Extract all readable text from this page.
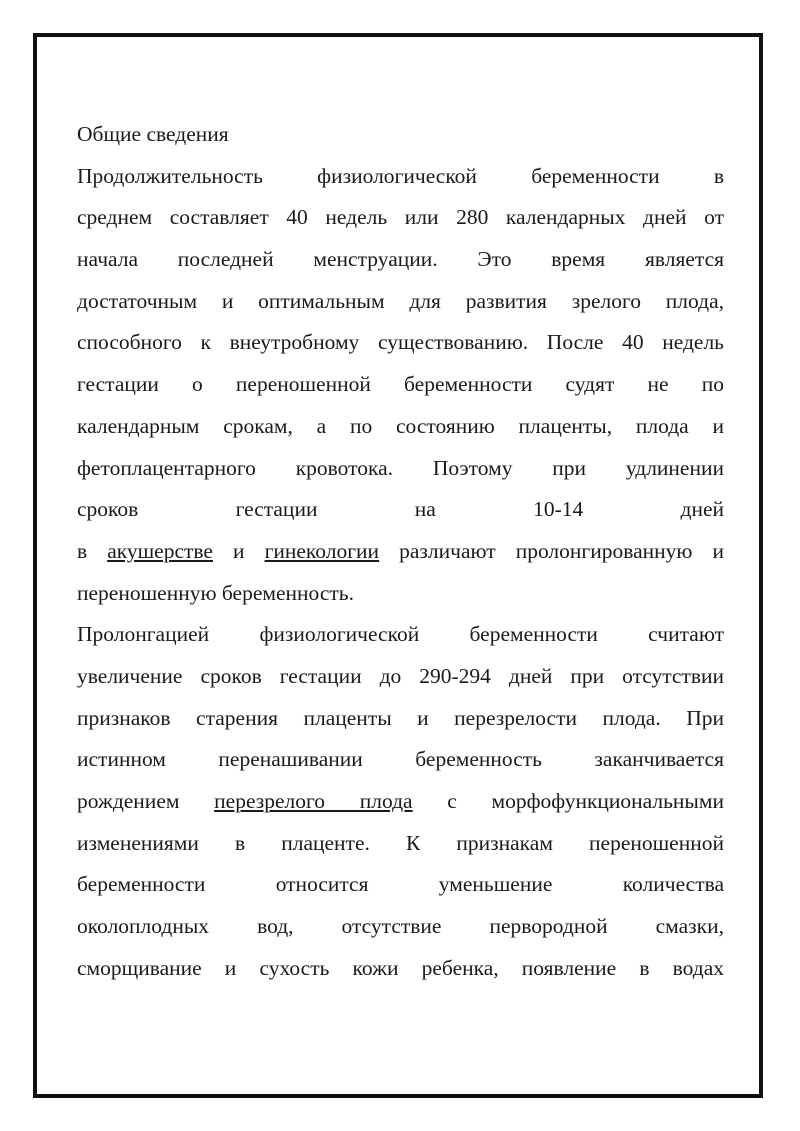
Общие сведения
Продолжительность физиологической беременности в
среднем составляет 40 недель или 280 календарных дней от
начала последней менструации. Это время является
достаточным и оптимальным для развития зрелого плода,
способного к внеутробному существованию. После 40 недель
гестации о переношенной беременности судят не по
календарным срокам, а по состоянию плаценты, плода и
фетоплацентарного кровотока. Поэтому при удлинении
сроков гестации на 10-14 дней
в акушерстве и гинекологии различают пролонгированную и
переношенную беременность.
Пролонгацией физиологической беременности считают
увеличение сроков гестации до 290-294 дней при отсутствии
признаков старения плаценты и перезрелости плода. При
истинном перенашивании беременность заканчивается
рождением перезрелого плода с морфофункциональными
изменениями в плаценте. К признакам переношенной
беременности относится уменьшение количества
околоплодных вод, отсутствие первородной смазки,
сморщивание и сухость кожи ребенка, появление в водах
